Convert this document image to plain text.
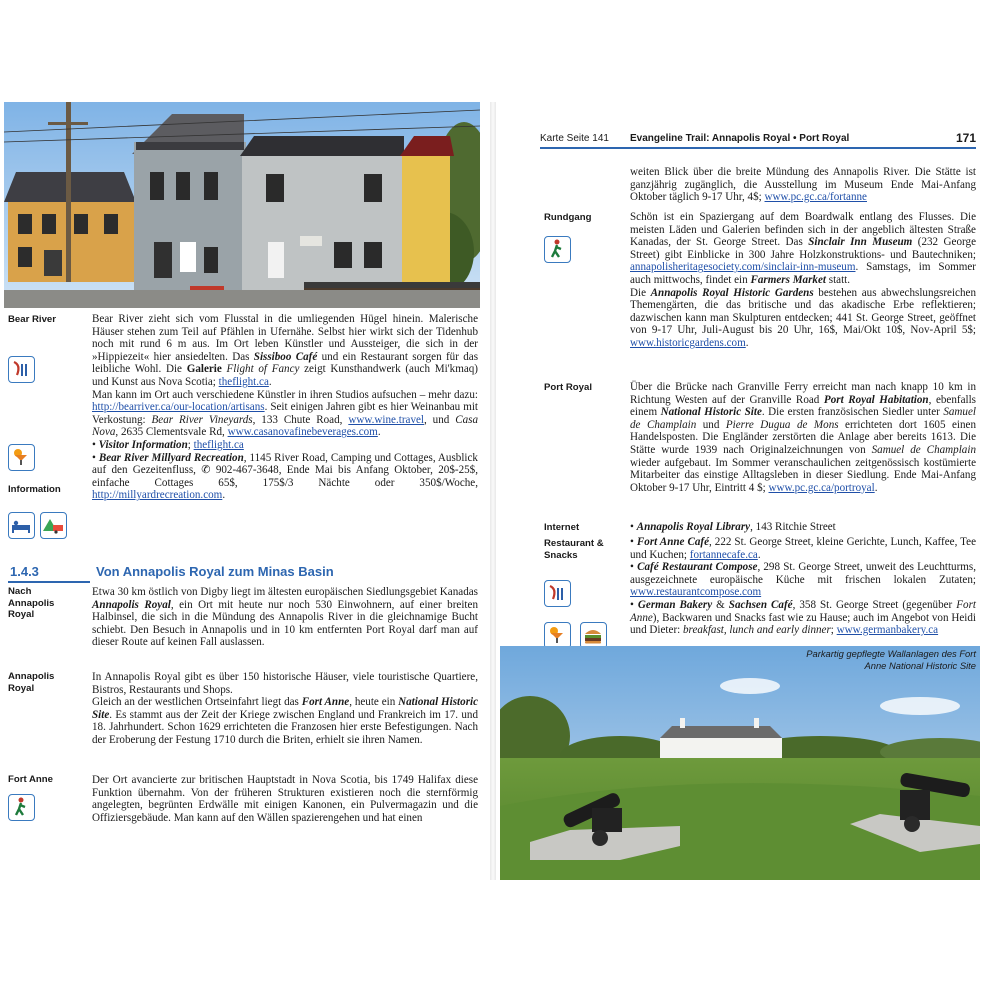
Bear River
Information
Nach Annapolis Royal
Annapolis Royal
Fort Anne

Bear River zieht sich vom Flusstal in die umliegenden Hügel hinein. Malerische Häuser stehen zum Teil auf Pfählen in Ufernähe. Selbst hier wirkt sich der Tidenhub noch mit rund 6 m aus. Im Ort leben Künstler und Aussteiger, die sich in der »Hippiezeit« hier ansiedelten. Das Sissiboo Café und ein Restaurant sorgen für das leibliche Wohl. Die Galerie Flight of Fancy zeigt Kunsthandwerk (auch Mi'kmaq) und Kunst aus Nova Scotia; theflight.ca.

Man kann im Ort auch verschiedene Künstler in ihren Studios aufsuchen – mehr dazu: http://bearriver.ca/our-location/artisans. Seit einigen Jahren gibt es hier Weinanbau mit Verkostung: Bear River Vineyards, 133 Chute Road, www.wine.travel, und Casa Nova, 2635 Clementsvale Rd, www.casanovafinebeverages.com.

• Visitor Information; theflight.ca

• Bear River Millyard Recreation, 1145 River Road, Camping und Cottages, Ausblick auf den Gezeitenfluss, ✆ 902-467-3648, Ende Mai bis Anfang Oktober, 20$-25$, einfache Cottages 65$, 175$/3 Nächte oder 350$/Woche, http://millyardrecreation.com.

1.4.3	Von Annapolis Royal zum Minas Basin

Etwa 30 km östlich von Digby liegt im ältesten europäischen Siedlungsgebiet Kanadas Annapolis Royal, ein Ort mit heute nur noch 530 Einwohnern, auf einer breiten Halbinsel, die sich in die Mündung des Annapolis River in die gleichnamige Bucht schiebt. Den Besuch in Annapolis und in 10 km entfernten Port Royal darf man auf dieser Route auf keinen Fall auslassen.

In Annapolis Royal gibt es über 150 historische Häuser, viele touristische Quartiere, Bistros, Restaurants und Shops.

Gleich an der westlichen Ortseinfahrt liegt das Fort Anne, heute ein National Historic Site. Es stammt aus der Zeit der Kriege zwischen England und Frankreich im 17. und 18. Jahrhundert. Schon 1629 errichteten die Franzosen hier erste Befestigungen. Nach der Eroberung der Festung 1710 durch die Briten, erhielt sie ihren Namen.

Der Ort avancierte zur britischen Hauptstadt in Nova Scotia, bis 1749 Halifax diese Funktion übernahm. Von der früheren Strukturen existieren noch die sternförmig angelegten, begrünten Erdwälle mit einigen Kanonen, ein Pulvermagazin und die Offiziersgebäude. Man kann auf den Wällen spazierengehen und hat einen

Karte Seite 141 Evangeline Trail: Annapolis Royal • Port Royal	171
Rundgang
Port Royal
Internet
Restaurant & Snacks

weiten Blick über die breite Mündung des Annapolis River. Die Stätte ist ganzjährig zugänglich, die Ausstellung im Museum Ende Mai-Anfang Oktober täglich 9-17 Uhr, 4$; www.pc.gc.ca/fortanne

Schön ist ein Spaziergang auf dem Boardwalk entlang des Flusses. Die meisten Läden und Galerien befinden sich in der angeblich ältesten Straße Kanadas, der St. George Street. Das Sinclair Inn Museum (232 George Street) gibt Einblicke in 300 Jahre Holzkonstruktions- und Bautechniken; annapolisheritagesociety.com/sinclair-inn-museum. Samstags, im Sommer auch mittwochs, findet ein Farmers Market statt.

Die Annapolis Royal Historic Gardens bestehen aus abwechslungsreichen Themengärten, die das britische und das akadische Erbe reflektieren; dazwischen kann man Skulpturen entdecken; 441 St. George Street, geöffnet von 9-17 Uhr, Juli-August bis 20 Uhr, 16$, Mai/Okt 10$, Nov-April 5$; www.historicgardens.com.

Über die Brücke nach Granville Ferry erreicht man nach knapp 10 km in Richtung Westen auf der Granville Road Port Royal Habitation, ebenfalls einem National Historic Site. Die ersten französischen Siedler unter Samuel de Champlain und Pierre Dugua de Mons errichteten dort 1605 einen Handelsposten. Die Engländer zerstörten die Anlage aber bereits 1613. Die Stätte wurde 1939 nach Originalzeichnungen von Samuel de Champlain wieder aufgebaut. Im Sommer veranschaulichen zeitgenössisch kostümierte Mitarbeiter das einstige Alltagsleben in dieser Siedlung. Ende Mai-Anfang Oktober 9-17 Uhr, Eintritt 4 $; www.pc.gc.ca/portroyal.

• Annapolis Royal Library, 143 Ritchie Street

• Fort Anne Café, 222 St. George Street, kleine Gerichte, Lunch, Kaffee, Tee und Kuchen; fortannecafe.ca.

• Café Restaurant Compose, 298 St. George Street, unweit des Leuchtturms, ausgezeichnete europäische Küche mit frischen lokalen Zutaten; www.restaurantcompose.com

• German Bakery & Sachsen Café, 358 St. George Street (gegenüber Fort Anne), Backwaren und Snacks fast wie zu Hause; auch im Angebot von Heidi und Dieter: breakfast, lunch and early dinner; www.germanbakery.ca

Parkartig gepflegte Wallanlagen des Fort Anne National Historic Site
